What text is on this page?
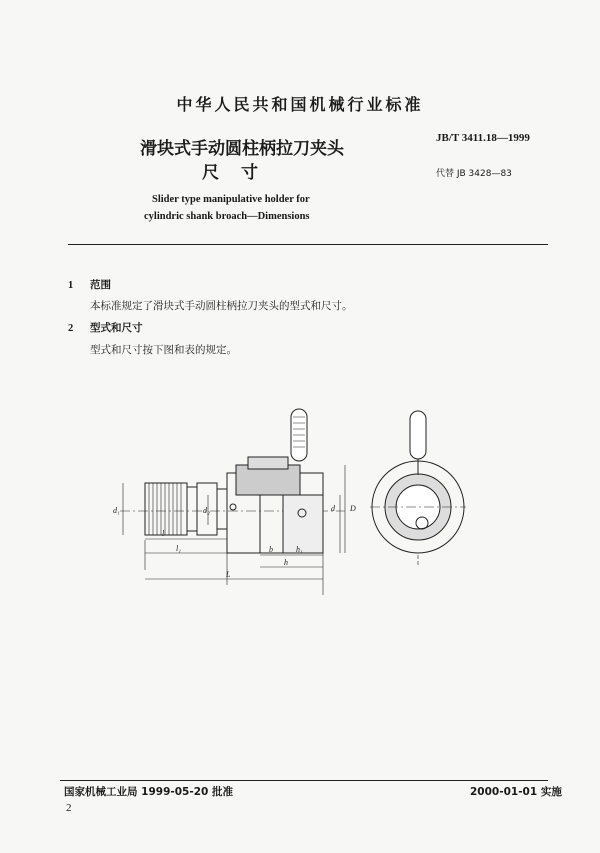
中华人民共和国机械行业标准
滑块式手动圆柱柄拉刀夹头
尺寸
JB/T 3411.18—1999
代替 JB 3428—83
Slider type manipulative holder for
cylindric shank broach—Dimensions
1 范围
本标准规定了滑块式手动圆柱柄拉刀夹头的型式和尺寸。
2 型式和尺寸
型式和尺寸按下图和表的规定。
d₁	d₂	d D
l
l₁	b	h₁
h
L
国家机械工业局 1999-05-20 批准	2000-01-01 实施
2
